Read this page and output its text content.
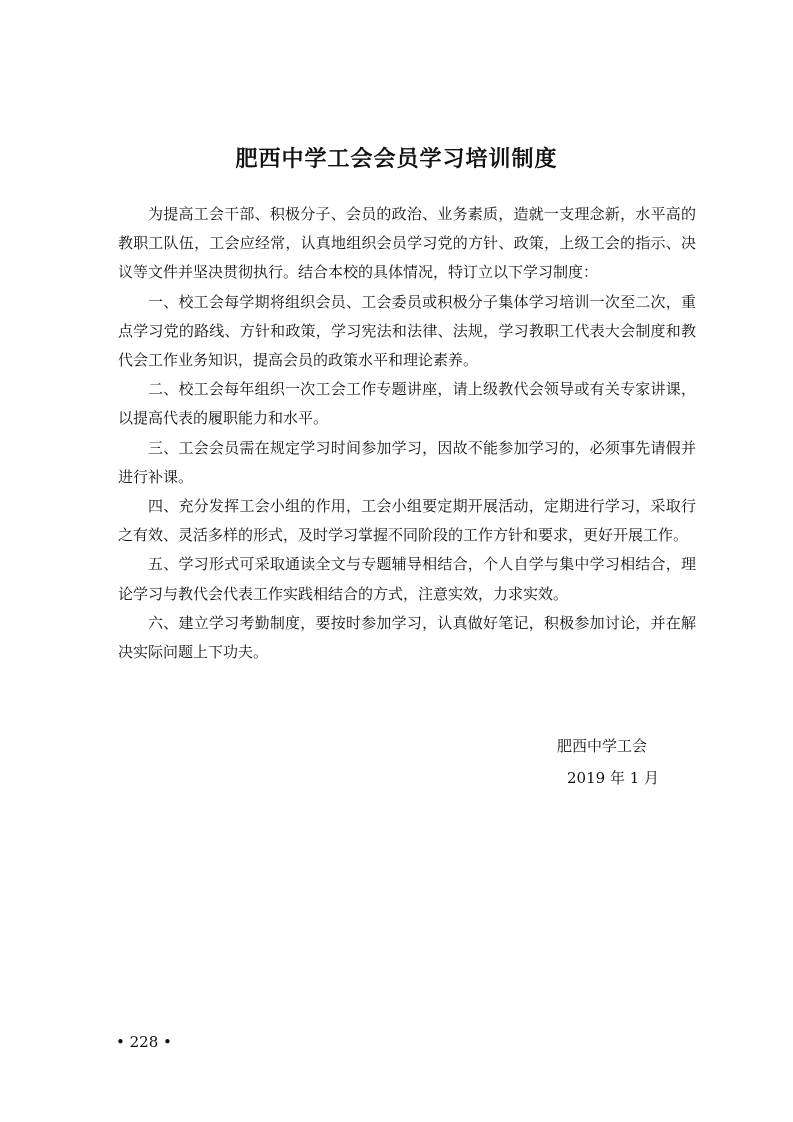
肥西中学工会会员学习培训制度

为提高工会干部、积极分子、会员的政治、业务素质，造就一支理念新，水平高的教职工队伍，工会应经常，认真地组织会员学习党的方针、政策，上级工会的指示、决议等文件并坚决贯彻执行。结合本校的具体情况，特订立以下学习制度：

一、校工会每学期将组织会员、工会委员或积极分子集体学习培训一次至二次，重点学习党的路线、方针和政策，学习宪法和法律、法规，学习教职工代表大会制度和教代会工作业务知识，提高会员的政策水平和理论素养。

二、校工会每年组织一次工会工作专题讲座，请上级教代会领导或有关专家讲课，以提高代表的履职能力和水平。

三、工会会员需在规定学习时间参加学习，因故不能参加学习的，必须事先请假并进行补课。

四、充分发挥工会小组的作用，工会小组要定期开展活动，定期进行学习，采取行之有效、灵活多样的形式，及时学习掌握不同阶段的工作方针和要求，更好开展工作。

五、学习形式可采取通读全文与专题辅导相结合，个人自学与集中学习相结合，理论学习与教代会代表工作实践相结合的方式，注意实效，力求实效。

六、建立学习考勤制度，要按时参加学习，认真做好笔记，积极参加讨论，并在解决实际问题上下功夫。

肥西中学工会

2019 年 1 月

• 228 •
